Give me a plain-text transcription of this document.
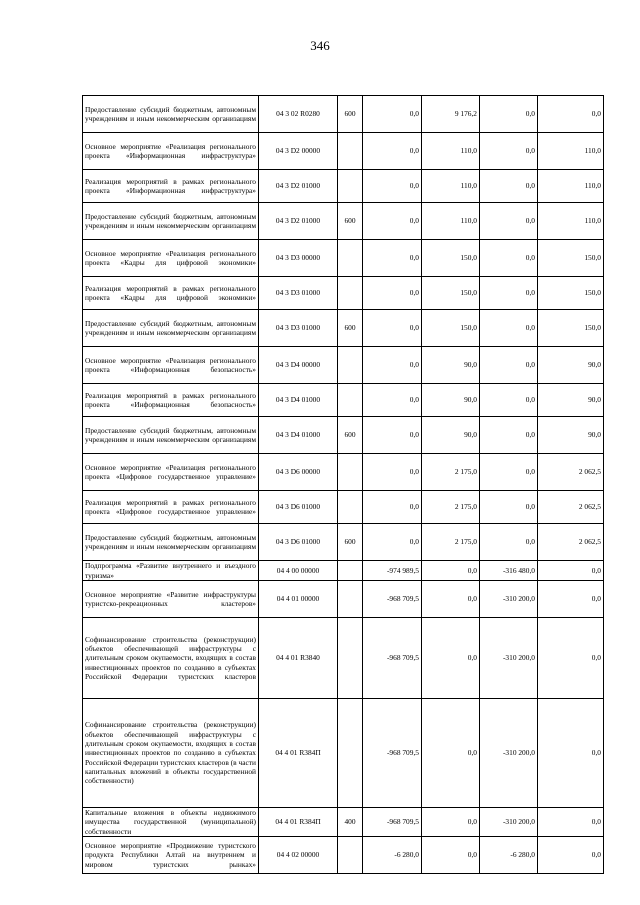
346
Предоставление субсидий бюджетным, автономным учреждениям и иным некоммерческим организациям	04 3 02 R0280	600	0,0	9 176,2	0,0	0,0
Основное мероприятие «Реализация регионального проекта «Информационная инфраструктура»	04 3 D2 00000		0,0	110,0	0,0	110,0
Реализация мероприятий в рамках регионального проекта «Информационная инфраструктура»	04 3 D2 01000		0,0	110,0	0,0	110,0
Предоставление субсидий бюджетным, автономным учреждениям и иным некоммерческим организациям	04 3 D2 01000	600	0,0	110,0	0,0	110,0
Основное мероприятие «Реализация регионального проекта «Кадры для цифровой экономики»	04 3 D3 00000		0,0	150,0	0,0	150,0
Реализация мероприятий в рамках регионального проекта «Кадры для цифровой экономики»	04 3 D3 01000		0,0	150,0	0,0	150,0
Предоставление субсидий бюджетным, автономным учреждениям и иным некоммерческим организациям	04 3 D3 01000	600	0,0	150,0	0,0	150,0
Основное мероприятие «Реализация регионального проекта «Информационная безопасность»	04 3 D4 00000		0,0	90,0	0,0	90,0
Реализация мероприятий в рамках регионального проекта «Информационная безопасность»	04 3 D4 01000		0,0	90,0	0,0	90,0
Предоставление субсидий бюджетным, автономным учреждениям и иным некоммерческим организациям	04 3 D4 01000	600	0,0	90,0	0,0	90,0
Основное мероприятие «Реализация регионального проекта «Цифровое государственное управление»	04 3 D6 00000		0,0	2 175,0	0,0	2 062,5
Реализация мероприятий в рамках регионального проекта «Цифровое государственное управление»	04 3 D6 01000		0,0	2 175,0	0,0	2 062,5
Предоставление субсидий бюджетным, автономным учреждениям и иным некоммерческим организациям	04 3 D6 01000	600	0,0	2 175,0	0,0	2 062,5
Подпрограмма «Развитие внутреннего и въездного туризма»	04 4 00 00000		-974 989,5	0,0	-316 480,0	0,0
Основное мероприятие «Развитие инфраструктуры туристско-рекреационных кластеров»	04 4 01 00000		-968 709,5	0,0	-310 200,0	0,0
Софинансирование строительства (реконструкции) объектов обеспечивающей инфраструктуры с длительным сроком окупаемости, входящих в состав инвестиционных проектов по созданию в субъектах Российской Федерации туристских кластеров	04 4 01 R3840		-968 709,5	0,0	-310 200,0	0,0
Софинансирование строительства (реконструкции) объектов обеспечивающей инфраструктуры с длительным сроком окупаемости, входящих в состав инвестиционных проектов по созданию в субъектах Российской Федерации туристских кластеров (в части капитальных вложений в объекты государственной собственности)	04 4 01 R384П		-968 709,5	0,0	-310 200,0	0,0
Капитальные вложения в объекты недвижимого имущества государственной (муниципальной) собственности	04 4 01 R384П	400	-968 709,5	0,0	-310 200,0	0,0
Основное мероприятие «Продвижение туристского продукта Республики Алтай на внутреннем и мировом туристских рынках»	04 4 02 00000		-6 280,0	0,0	-6 280,0	0,0
